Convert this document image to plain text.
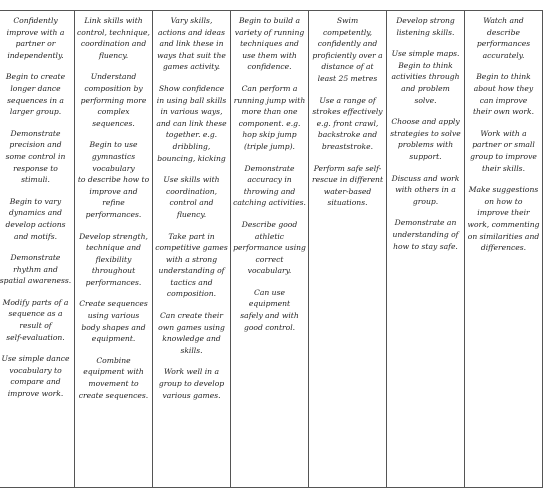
Confidently
improve with a
partner or
independently.
Begin to create
longer dance
sequences in a
larger group.
Demonstrate
precision and
some control in
response to
stimuli.
Begin to vary
dynamics and
develop actions
and motifs.
Demonstrate
rhythm and
spatial awareness.
Modify parts of a
sequence as a
result of
self-evaluation.
Use simple dance
vocabulary to
compare and
improve work.

Link skills with
control, technique,
coordination and
fluency.
Understand
composition by
performing more
complex
sequences.
Begin to use
gymnastics
vocabulary
to describe how to
improve and
refine
performances.
Develop strength,
technique and
flexibility
throughout
performances.
Create sequences
using various
body shapes and
equipment.
Combine
equipment with
movement to
create sequences.

Vary skills,
actions and ideas
and link these in
ways that suit the
games activity.
Show confidence
in using ball skills
in various ways,
and can link these
together. e.g.
dribbling,
bouncing, kicking
Use skills with
coordination,
control and
fluency.
Take part in
competitive games
with a strong
understanding of
tactics and
composition.
Can create their
own games using
knowledge and
skills.
Work well in a
group to develop
various games.

Begin to build a
variety of running
techniques and
use them with
confidence.
Can perform a
running jump with
more than one
component. e.g.
hop skip jump
(triple jump).
Demonstrate
accuracy in
throwing and
catching activities.
Describe good
athletic
performance using
correct
vocabulary.
Can use
equipment
safely and with
good control.

Swim
competently,
confidently and
proficiently over a
distance of at
least 25 metres
Use a range of
strokes effectively
e.g. front crawl,
backstroke and
breaststroke.
Perform safe self-
rescue in different
water-based
situations.

Develop strong
listening skills.
Use simple maps.
Begin to think
activities through
and problem
solve.
Choose and apply
strategies to solve
problems with
support.
Discuss and work
with others in a
group.
Demonstrate an
understanding of
how to stay safe.

Watch and
describe
performances
accurately.
Begin to think
about how they
can improve
their own work.
Work with a
partner or small
group to improve
their skills.
Make suggestions
on how to
improve their
work, commenting
on similarities and
differences.
